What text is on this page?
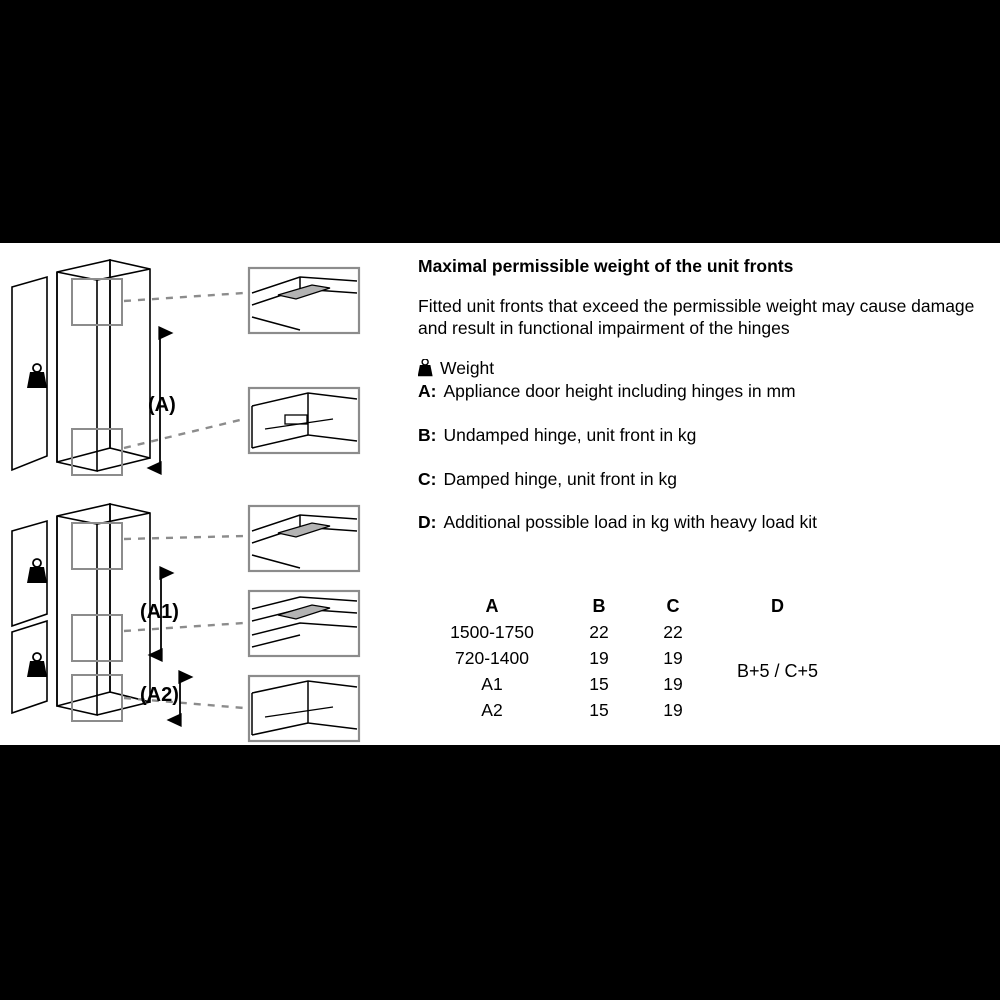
(A)
(A1)
(A2)
Maximal permissible weight of the unit fronts
Fitted unit fronts that exceed the permissible weight may cause damage and result in functional impairment of the hinges
Weight
A: Appliance door height including hinges in mm
B: Undamped hinge, unit front in kg
C: Damped hinge, unit front in kg
D: Additional possible load in kg with heavy load kit
A	B	C	D
1500-1750	22	22	B+5 / C+5
720-1400	19	19	
A1	15	19	
A2	15	19	
